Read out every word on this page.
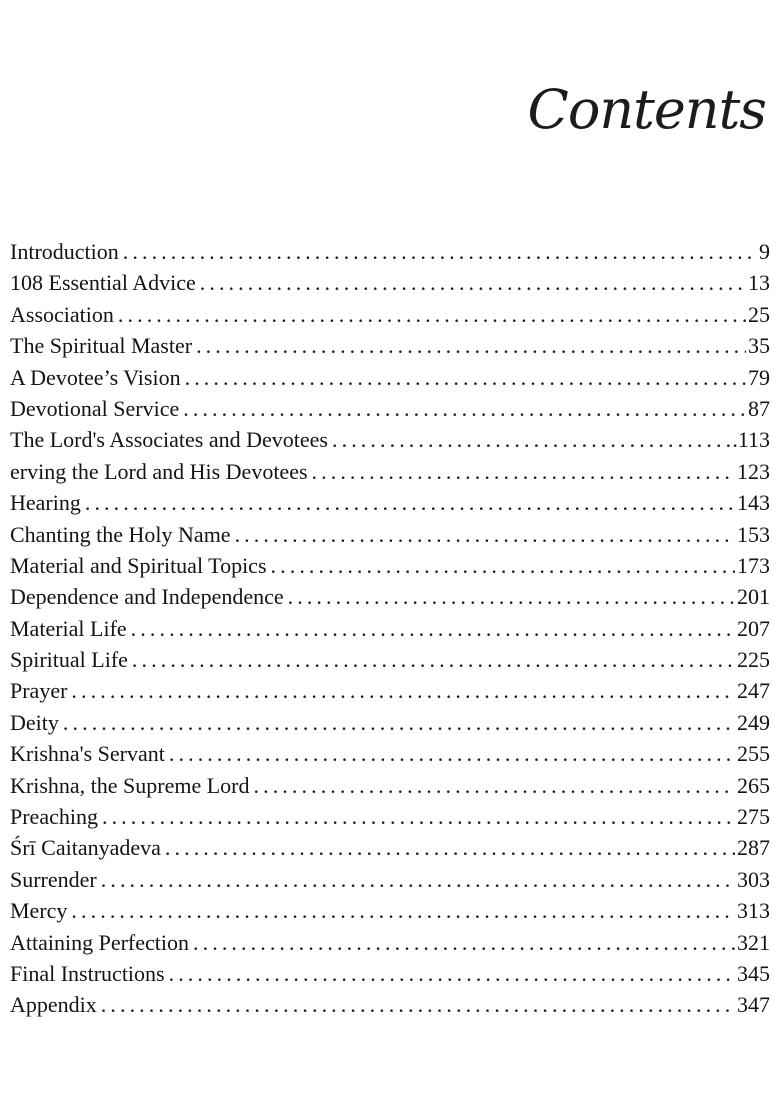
Contents
Introduction . . .	9
108 Essential Advice . . .	13
Association . . .	25
The Spiritual Master . . .	35
A Devotee’s Vision . . .	79
Devotional Service . . .	87
The Lord's Associates and Devotees . . .	.113
erving the Lord and His Devotees . . .	123
Hearing . . .	143
Chanting the Holy Name . . .	153
Material and Spiritual Topics . . .	173
Dependence and Independence . . .	201
Material Life . . .	207
Spiritual Life . . .	225
Prayer . . .	247
Deity . . .	249
Krishna's Servant . . .	255
Krishna, the Supreme Lord . . .	265
Preaching . . .	275
Śrī Caitanyadeva . . .	287
Surrender . . .	303
Mercy . . .	313
Attaining Perfection . . .	321
Final Instructions . . .	345
Appendix . . .	347
